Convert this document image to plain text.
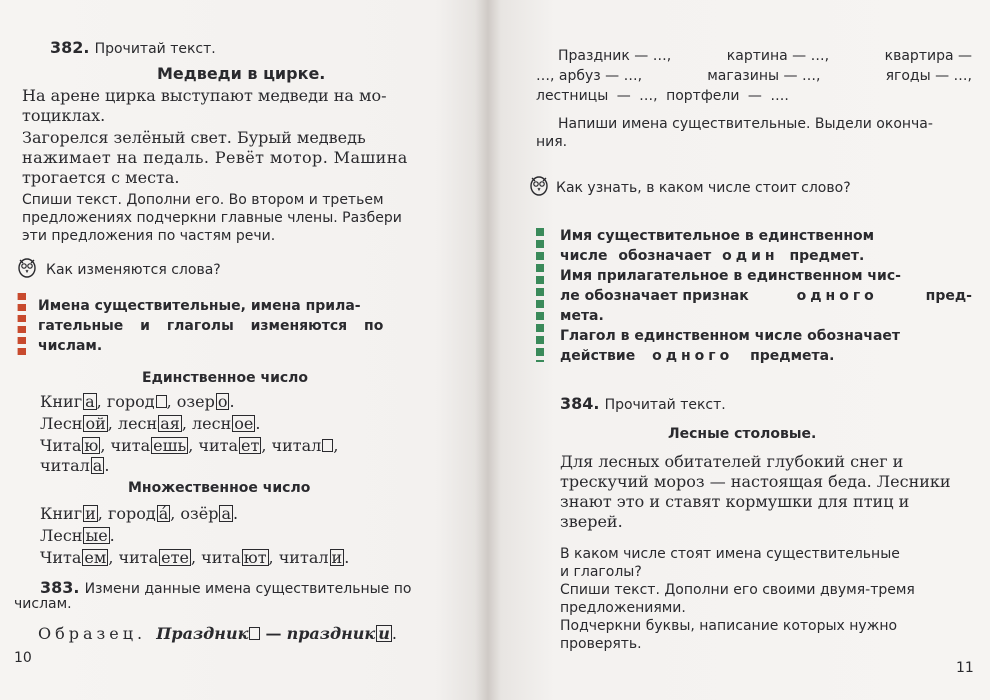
382. Прочитай текст.
Медведи в цирке.
На арене цирка выступают медведи на мо-
тоциклах.
Загорелся зелёный свет. Бурый медведь
нажимает на педаль. Ревёт мотор. Машина
трогается с места.
Спиши текст. Дополни его. Во втором и третьем
предложениях подчеркни главные члены. Разбери
эти предложения по частям речи.
Как изменяются слова?
Имена существительные, имена прила-
гательные и глаголы изменяются по
числам.
Единственное число
Книг а , город , озер о .
Лесн ой , лесн ая , лесн ое .
Чита ю , чита ешь , чита ет , читал ,
читал а .
Множественное число
Книг и , город á , озёр а .
Лесн ые .
Чита ем , чита ете , чита ют , читал и .
383. Измени данные имена существительные по
числам.
Образец. Праздник — праздник и .
10
Праздник — …,	картина — …,	квартира —
…, арбуз — …,	магазины — …,	ягоды — …,
лестницы — …, портфели — ….
Напиши имена существительные. Выдели оконча-
ния.
Как узнать, в каком числе стоит слово?
Имя существительное в единственном
числе обозначает один предмет.
Имя прилагательное в единственном чис-
ле обозначает признак	одного	пред-
мета.
Глагол в единственном числе обозначает
действие одного предмета.
384. Прочитай текст.
Лесные столовые.
Для лесных обитателей глубокий снег и
трескучий мороз — настоящая беда. Лесники
знают это и ставят кормушки для птиц и
зверей.
В каком числе стоят имена существительные
и глаголы?
Спиши текст. Дополни его своими двумя-тремя
предложениями.
Подчеркни буквы, написание которых нужно
проверять.
11
